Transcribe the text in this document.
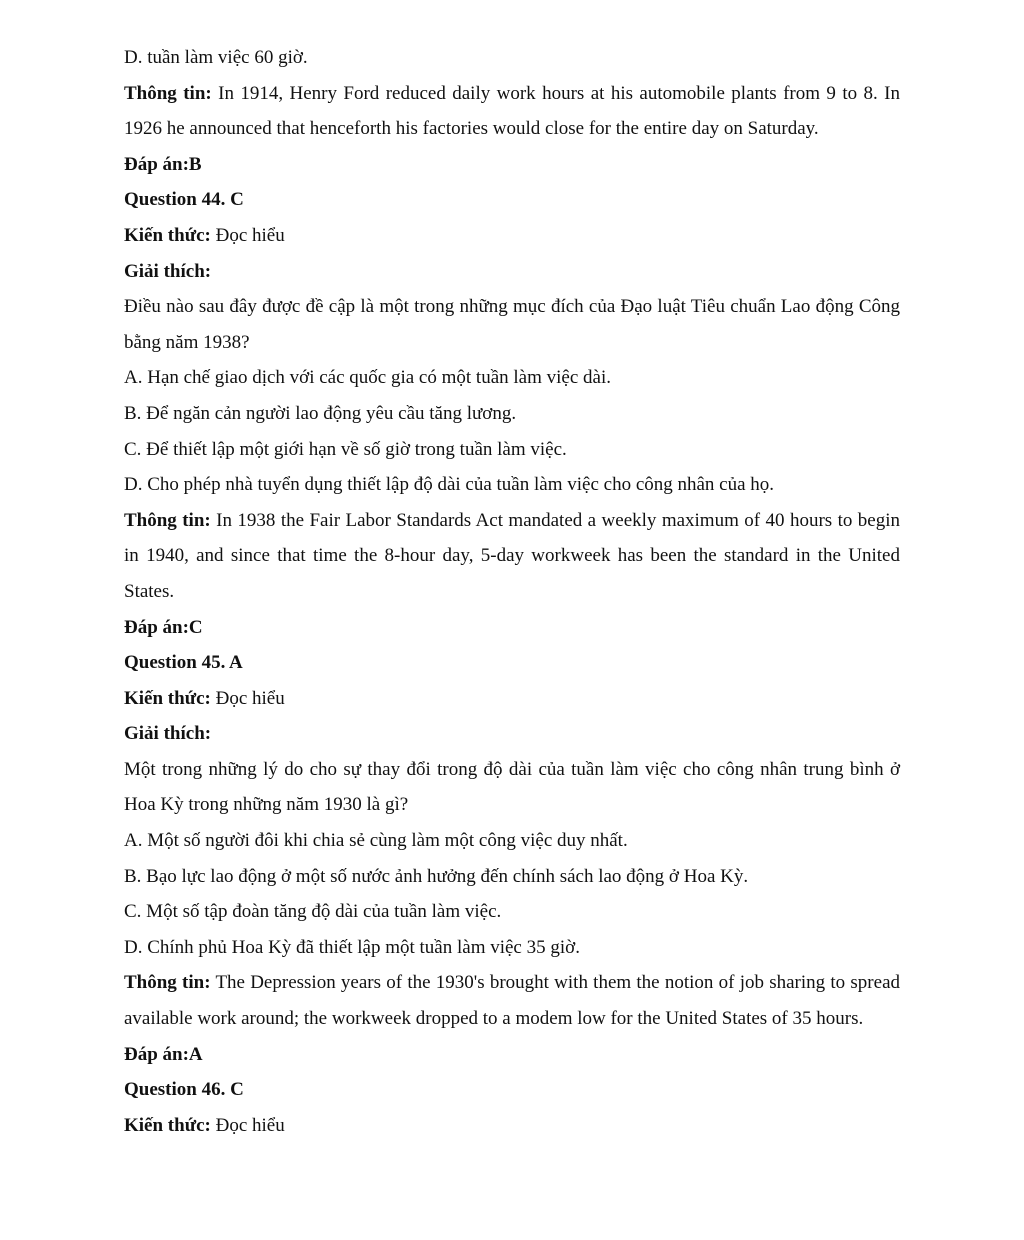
D. tuần làm việc 60 giờ.

Thông tin: In 1914, Henry Ford reduced daily work hours at his automobile plants from 9 to 8. In 1926 he announced that henceforth his factories would close for the entire day on Saturday.

Đáp án:B

Question 44. C

Kiến thức: Đọc hiểu

Giải thích:

Điều nào sau đây được đề cập là một trong những mục đích của Đạo luật Tiêu chuẩn Lao động Công bằng năm 1938?

A. Hạn chế giao dịch với các quốc gia có một tuần làm việc dài.

B. Để ngăn cản người lao động yêu cầu tăng lương.

C. Để thiết lập một giới hạn về số giờ trong tuần làm việc.

D. Cho phép nhà tuyển dụng thiết lập độ dài của tuần làm việc cho công nhân của họ.

Thông tin: In 1938 the Fair Labor Standards Act mandated a weekly maximum of 40 hours to begin in 1940, and since that time the 8-hour day, 5-day workweek has been the standard in the United States.

Đáp án:C

Question 45. A

Kiến thức: Đọc hiểu

Giải thích:

Một trong những lý do cho sự thay đổi trong độ dài của tuần làm việc cho công nhân trung bình ở Hoa Kỳ trong những năm 1930 là gì?

A. Một số người đôi khi chia sẻ cùng làm một công việc duy nhất.

B. Bạo lực lao động ở một số nước ảnh hưởng đến chính sách lao động ở Hoa Kỳ.

C. Một số tập đoàn tăng độ dài của tuần làm việc.

D. Chính phủ Hoa Kỳ đã thiết lập một tuần làm việc 35 giờ.

Thông tin: The Depression years of the 1930's brought with them the notion of job sharing to spread available work around; the workweek dropped to a modem low for the United States of 35 hours.

Đáp án:A

Question 46. C

Kiến thức: Đọc hiểu
